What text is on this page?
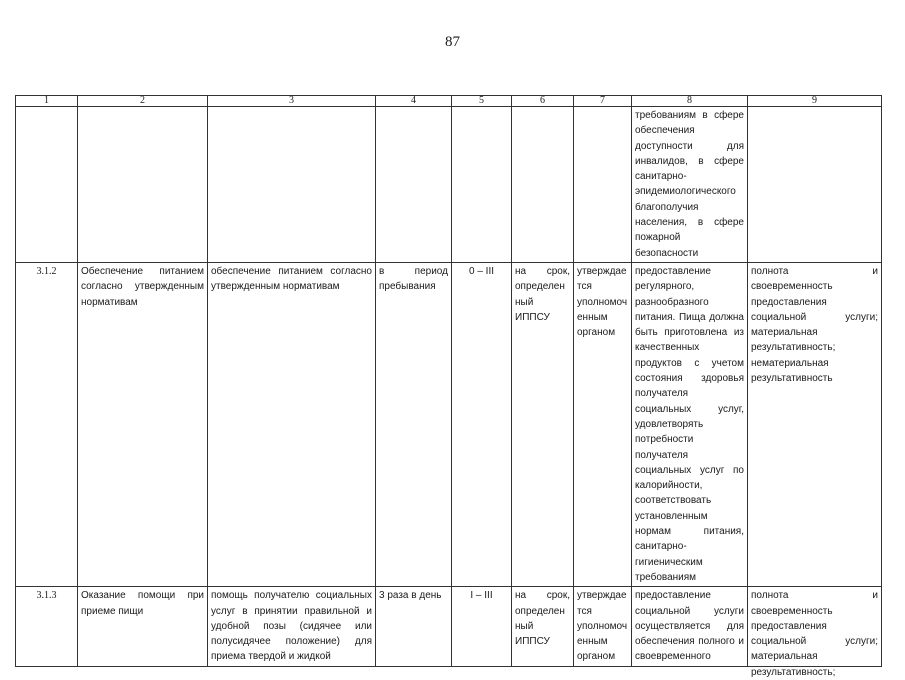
87
1	2	3	4	5	6	7	8	9
							требованиям в сфере обеспечения доступности для инвалидов, в сфере санитарно-эпидемиологического благополучия населения, в сфере пожарной безопасности	
3.1.2	Обеспечение питанием согласно утвержденным нормативам	обеспечение питанием согласно утвержденным нормативам	в период пребывания	0 – III	на срок, определенный ИППСУ	утверждается уполномоченным органом	предоставление регулярного, разнообразного питания. Пища должна быть приготовлена из качественных продуктов с учетом состояния здоровья получателя социальных услуг, удовлетворять потребности получателя социальных услуг по калорийности, соответствовать установленным нормам питания, санитарно-гигиеническим требованиям	полнота и своевременность предоставления социальной услуги; материальная результативность; нематериальная результативность
3.1.3	Оказание помощи при приеме пищи	помощь получателю социальных услуг в принятии правильной и удобной позы (сидячее или полусидячее положение) для приема твердой и жидкой	3 раза в день	I – III	на срок, определенный ИППСУ	утверждается уполномоченным органом	предоставление социальной услуги осуществляется для обеспечения полного и своевременного	полнота и своевременность предоставления социальной услуги; материальная результативность;
